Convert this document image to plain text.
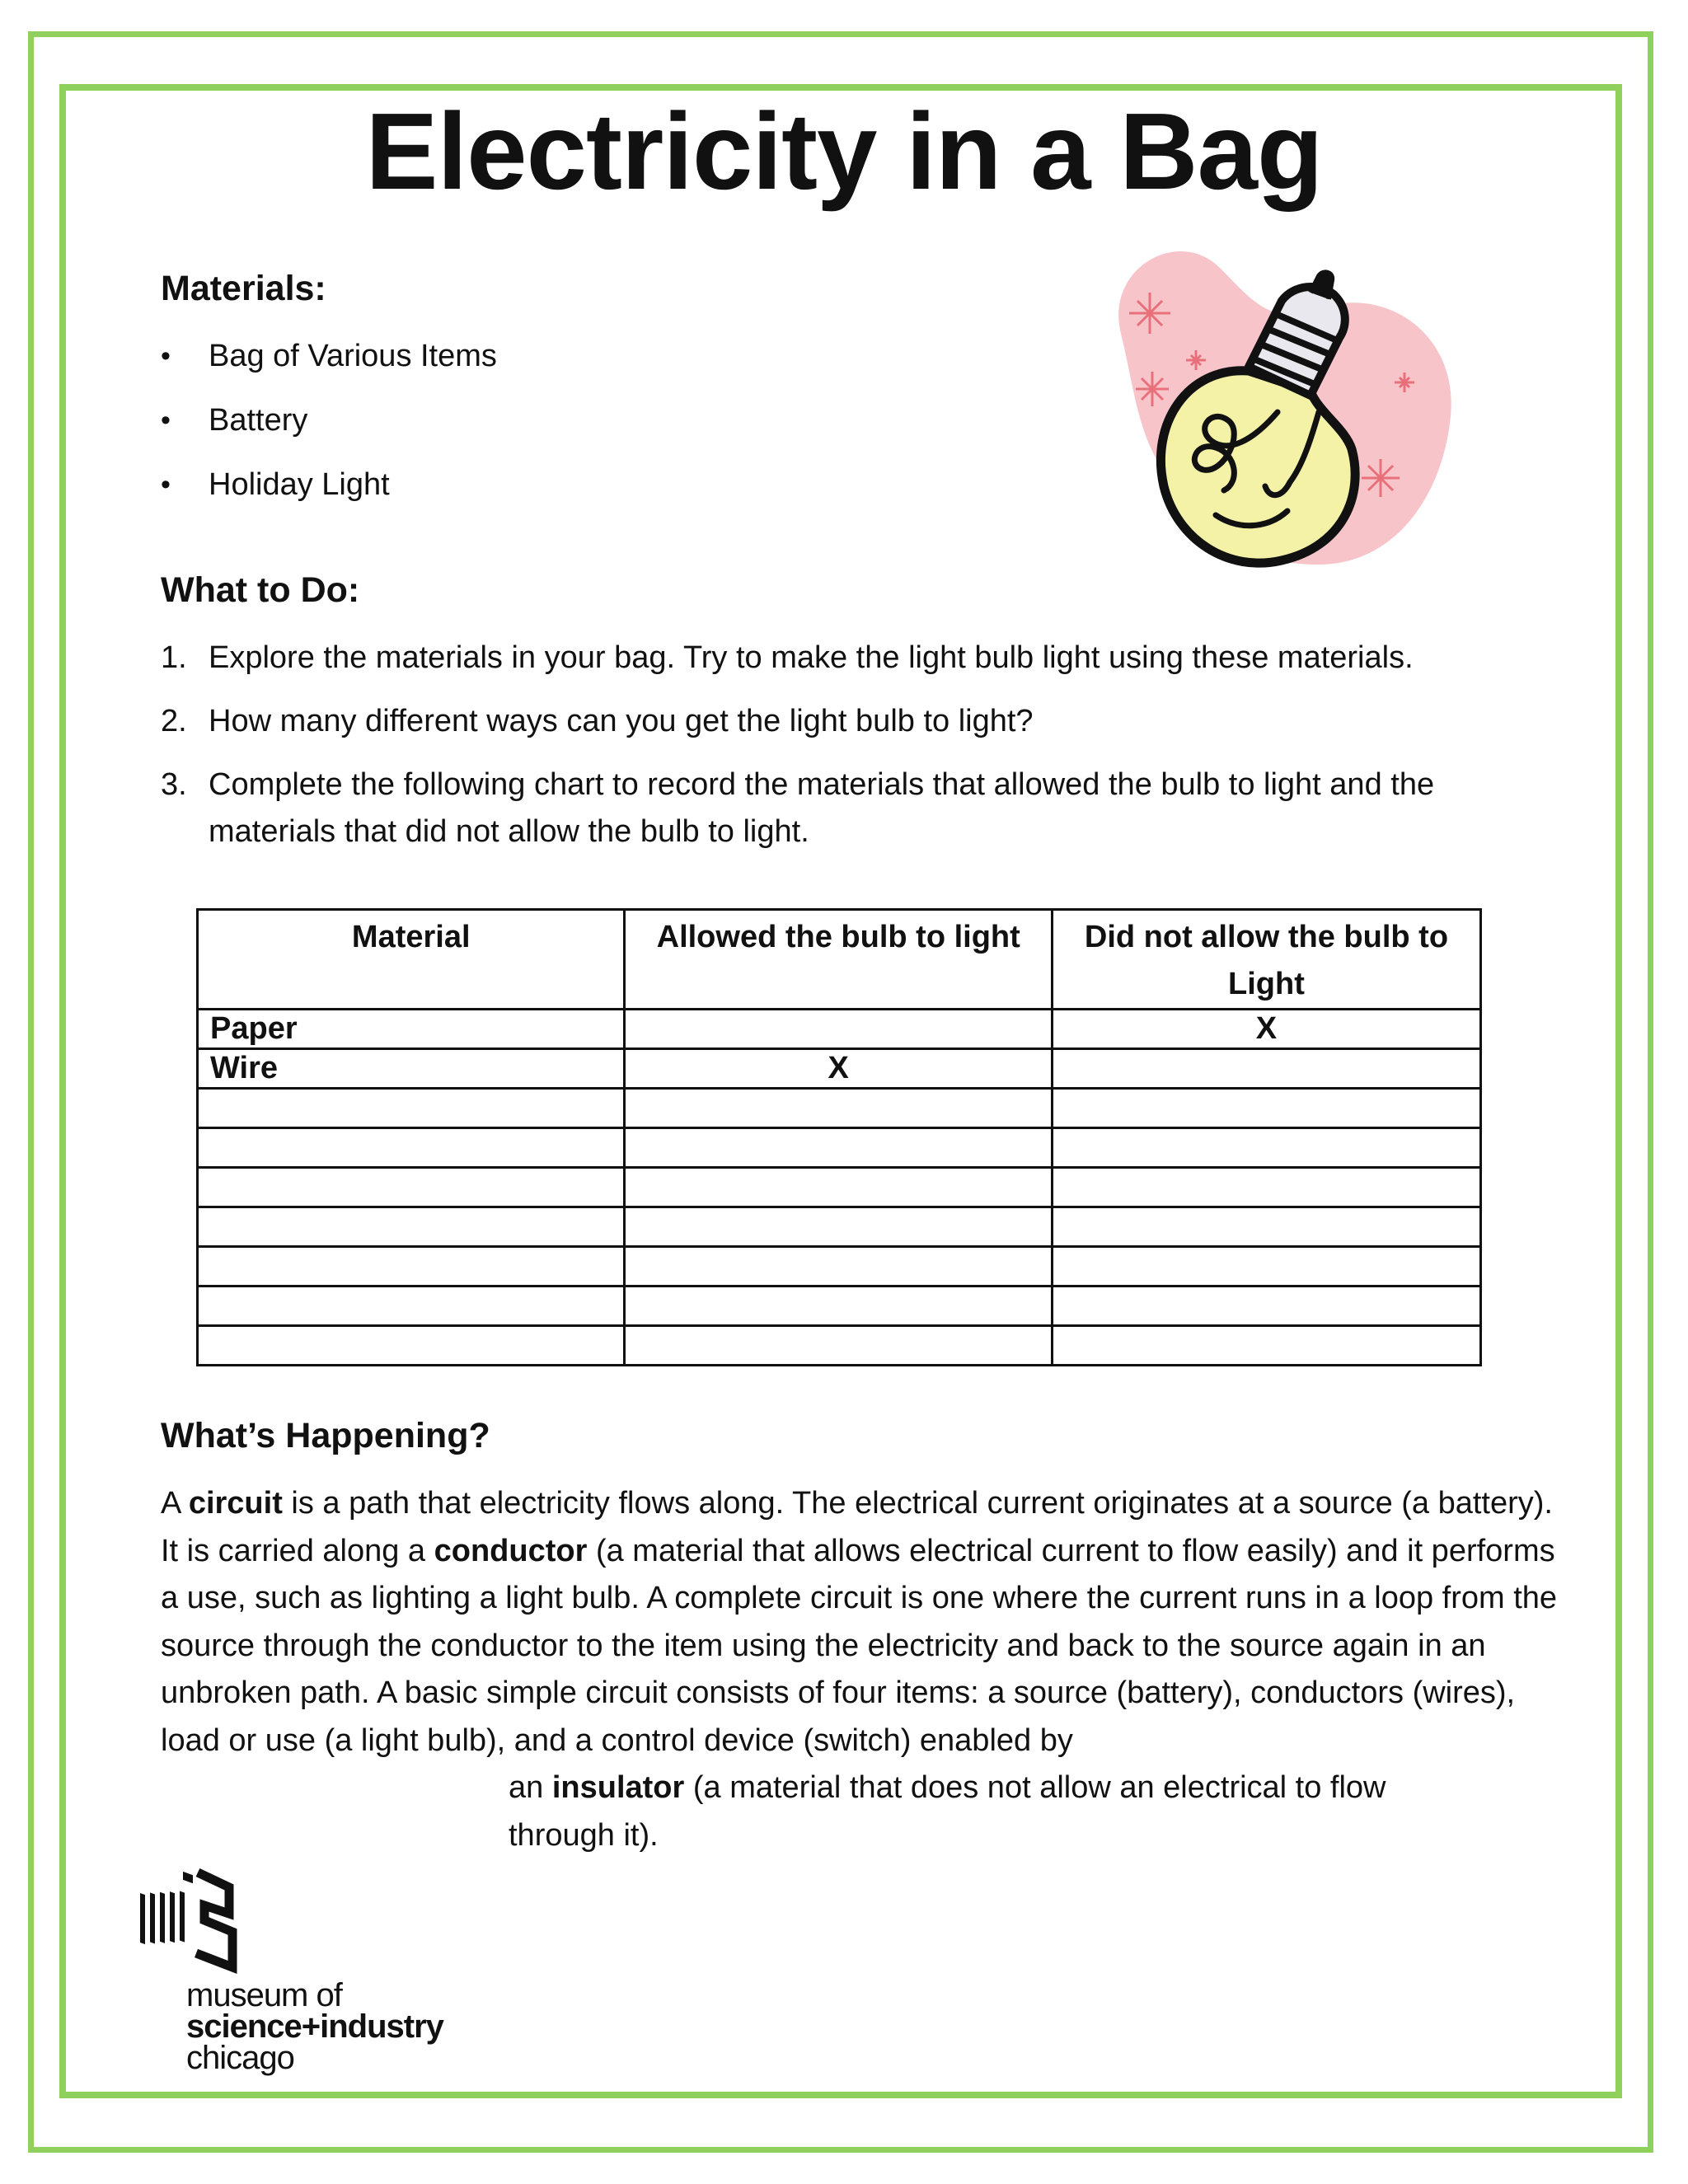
Electricity in a Bag
Materials:
• Bag of Various Items
• Battery
• Holiday Light
What to Do:
1. Explore the materials in your bag. Try to make the light bulb light using these materials.
2. How many different ways can you get the light bulb to light?
3. Complete the following chart to record the materials that allowed the bulb to light and the materials that did not allow the bulb to light.
Material	Allowed the bulb to light	Did not allow the bulb to Light
Paper		X
Wire	X	

What’s Happening?

A circuit is a path that electricity flows along. The electrical current originates at a source (a battery). It is carried along a conductor (a material that allows electrical current to flow easily) and it performs a use, such as lighting a light bulb. A complete circuit is one where the current runs in a loop from the source through the conductor to the item using the electricity and back to the source again in an unbroken path. A basic simple circuit consists of four items: a source (battery), conductors (wires), load or use (a light bulb), and a control device (switch) enabled by

an insulator (a material that does not allow an electrical to flow through it).

museum of
science+industry
chicago
